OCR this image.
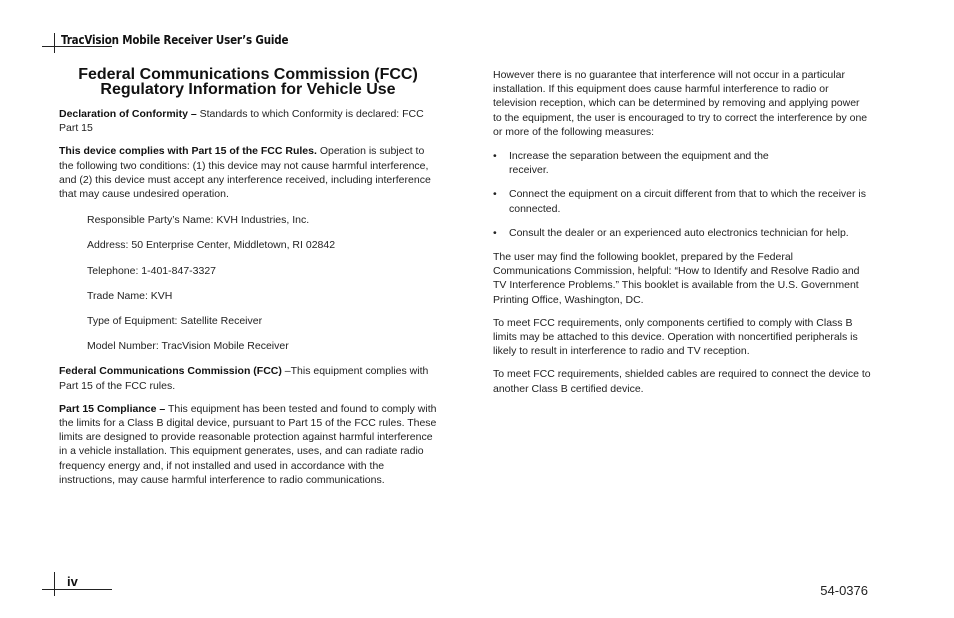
TracVision Mobile Receiver User’s Guide
Federal Communications Commission (FCC)
Regulatory Information for Vehicle Use

Declaration of Conformity – Standards to which Conformity is declared: FCC Part 15

This device complies with Part 15 of the FCC Rules. Operation is subject to the following two conditions: (1) this device may not cause harmful interference, and (2) this device must accept any interference received, including interference that may cause undesired operation.

Responsible Party’s Name: KVH Industries, Inc.

Address: 50 Enterprise Center, Middletown, RI 02842

Telephone: 1-401-847-3327

Trade Name: KVH

Type of Equipment: Satellite Receiver

Model Number: TracVision Mobile Receiver

Federal Communications Commission (FCC) –This equipment complies with Part 15 of the FCC rules.

Part 15 Compliance – This equipment has been tested and found to comply with the limits for a Class B digital device, pursuant to Part 15 of the FCC rules. These limits are designed to provide reasonable protection against harmful interference in a vehicle installation. This equipment generates, uses, and can radiate radio frequency energy and, if not installed and used in accordance with the instructions, may cause harmful interference to radio communications.

However there is no guarantee that interference will not occur in a particular installation. If this equipment does cause harmful interference to radio or television reception, which can be determined by removing and applying power to the equipment, the user is encouraged to try to correct the interference by one or more of the following measures:

• Increase the separation between the equipment and the receiver.
• Connect the equipment on a circuit different from that to which the receiver is connected.
• Consult the dealer or an experienced auto electronics technician for help.

The user may find the following booklet, prepared by the Federal Communications Commission, helpful: “How to Identify and Resolve Radio and TV Interference Problems.” This booklet is available from the U.S. Government Printing Office, Washington, DC.

To meet FCC requirements, only components certified to comply with Class B limits may be attached to this device. Operation with noncertified peripherals is likely to result in interference to radio and TV reception.

To meet FCC requirements, shielded cables are required to connect the device to another Class B certified device.

iv
54-0376
